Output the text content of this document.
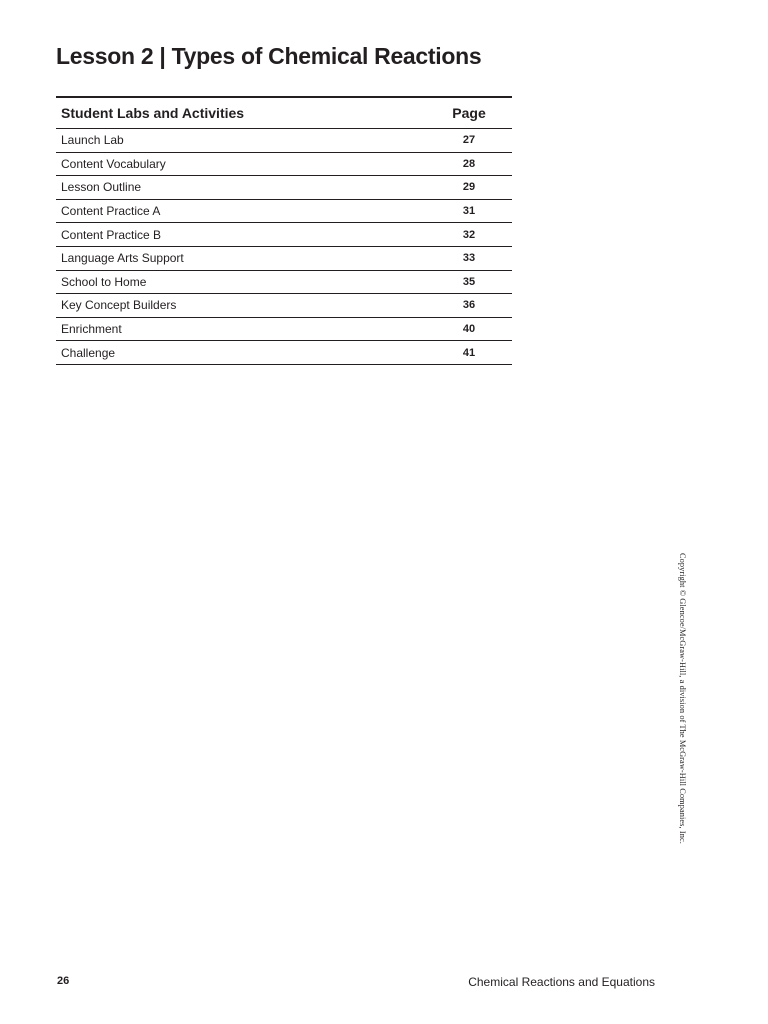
Lesson 2 | Types of Chemical Reactions
Student Labs and Activities	Page
Launch Lab	27
Content Vocabulary	28
Lesson Outline	29
Content Practice A	31
Content Practice B	32
Language Arts Support	33
School to Home	35
Key Concept Builders	36
Enrichment	40
Challenge	41
Copyright © Glencoe/McGraw-Hill, a division of The McGraw-Hill Companies, Inc.
26	Chemical Reactions and Equations
